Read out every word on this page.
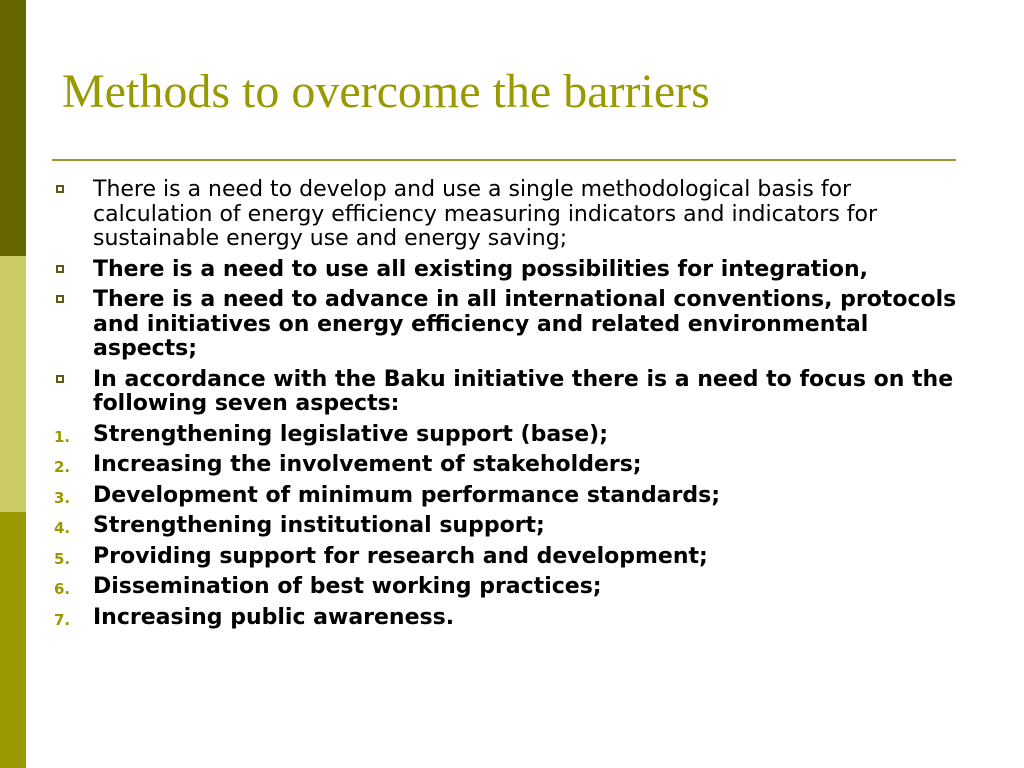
Methods to overcome the barriers
There is a need to develop and use a single methodological basis for calculation of energy efficiency measuring indicators and indicators for sustainable energy use and energy saving;
There is a need to use all existing possibilities for integration,
There is a need to advance in all international conventions, protocols and initiatives on energy efficiency and related environmental aspects;
In accordance with the Baku initiative there is a need to focus on the following seven aspects:
1. Strengthening legislative support (base);
2. Increasing the involvement of stakeholders;
3. Development of minimum performance standards;
4. Strengthening institutional support;
5. Providing support for research and development;
6. Dissemination of best working practices;
7. Increasing public awareness.
